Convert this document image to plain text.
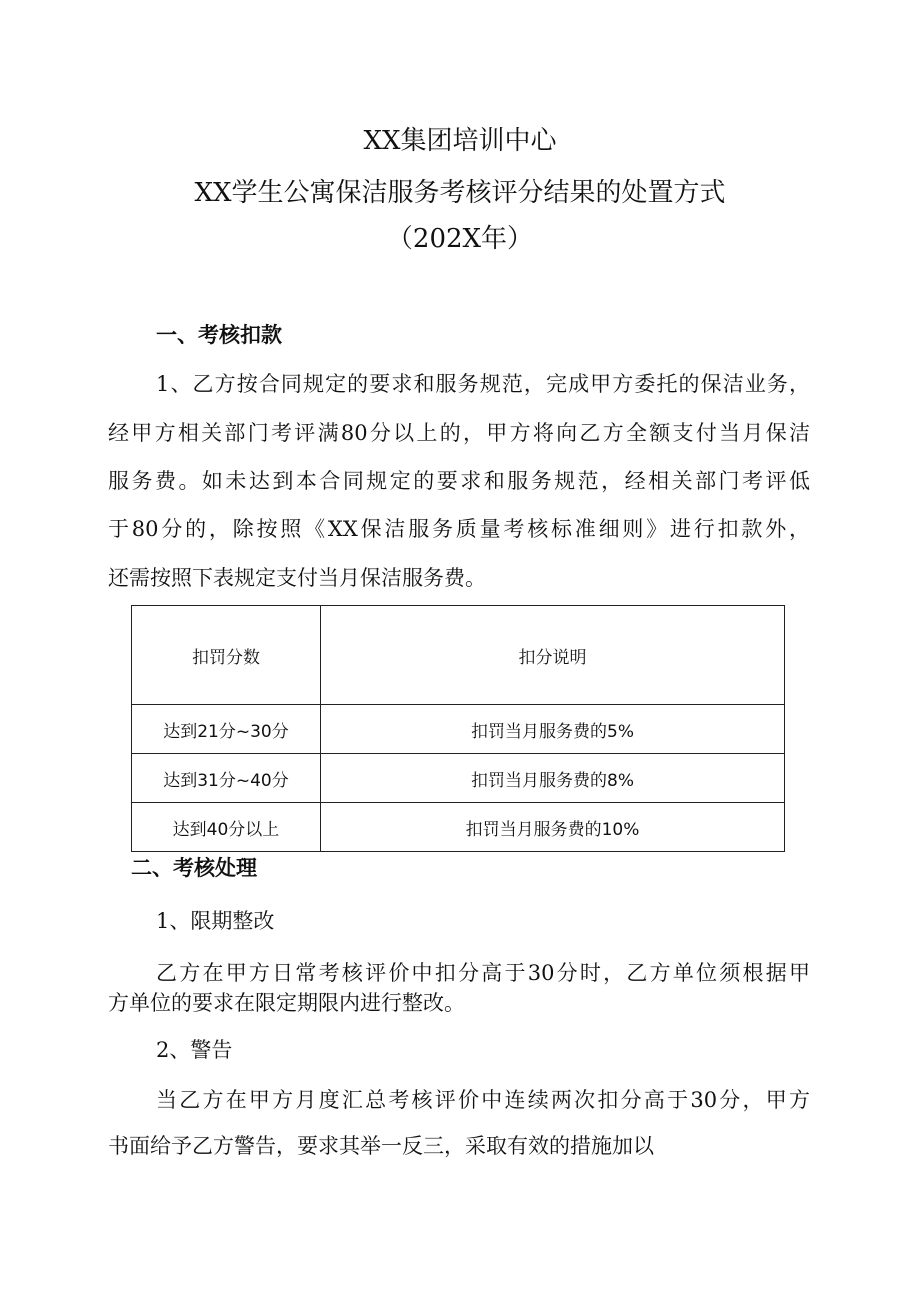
XX集团培训中心
XX学生公寓保洁服务考核评分结果的处置方式
（202X年）
一、考核扣款
1、乙方按合同规定的要求和服务规范，完成甲方委托的保洁业务，
经甲方相关部门考评满80分以上的，甲方将向乙方全额支付当月保洁
服务费。如未达到本合同规定的要求和服务规范，经相关部门考评低
于80分的，除按照《XX保洁服务质量考核标准细则》进行扣款外，
还需按照下表规定支付当月保洁服务费。
扣罚分数	扣分说明
达到21分~30分	扣罚当月服务费的5%
达到31分~40分	扣罚当月服务费的8%
达到40分以上	扣罚当月服务费的10%
二、考核处理
1、限期整改
乙方在甲方日常考核评价中扣分高于30分时，乙方单位须根据甲
方单位的要求在限定期限内进行整改。
2、警告
当乙方在甲方月度汇总考核评价中连续两次扣分高于30分，甲方
书面给予乙方警告，要求其举一反三，采取有效的措施加以
